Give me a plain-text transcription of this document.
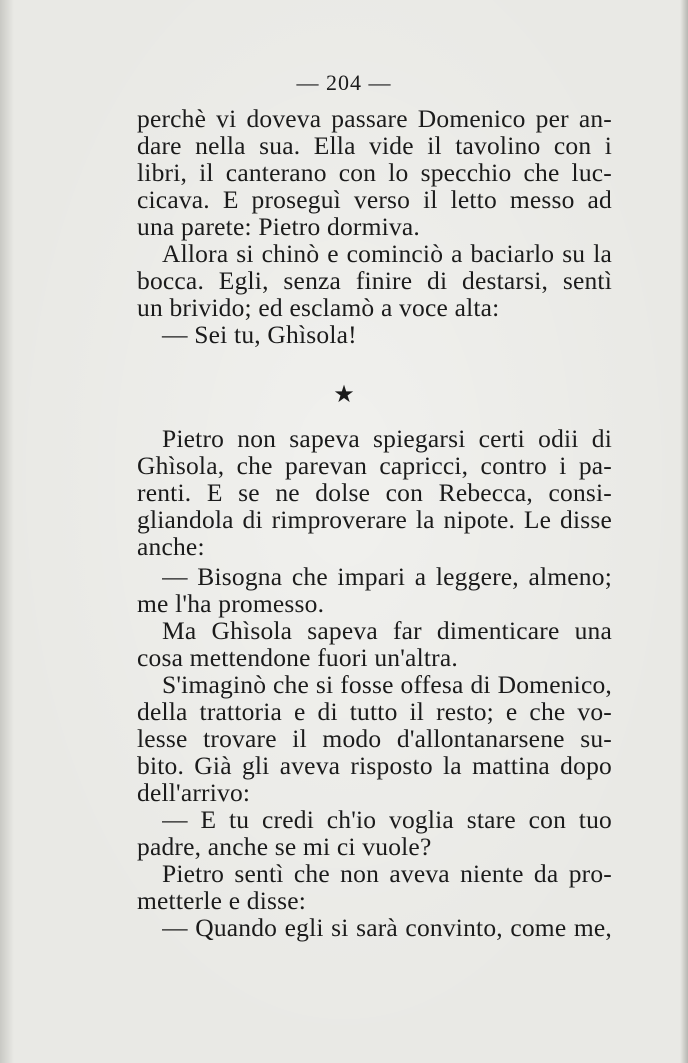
— 204 —
perchè vi doveva passare Domenico per an-
dare nella sua. Ella vide il tavolino con i
libri, il canterano con lo specchio che luc-
cicava. E proseguì verso il letto messo ad
una parete: Pietro dormiva.
Allora si chinò e cominciò a baciarlo su la
bocca. Egli, senza finire di destarsi, sentì
un brivido; ed esclamò a voce alta:
— Sei tu, Ghìsola!
★
Pietro non sapeva spiegarsi certi odii di
Ghìsola, che parevan capricci, contro i pa-
renti. E se ne dolse con Rebecca, consi-
gliandola di rimproverare la nipote. Le disse
anche:
— Bisogna che impari a leggere, almeno;
me l'ha promesso.
Ma Ghìsola sapeva far dimenticare una
cosa mettendone fuori un'altra.
S'imaginò che si fosse offesa di Domenico,
della trattoria e di tutto il resto; e che vo-
lesse trovare il modo d'allontanarsene su-
bito. Già gli aveva risposto la mattina dopo
dell'arrivo:
— E tu credi ch'io voglia stare con tuo
padre, anche se mi ci vuole?
Pietro sentì che non aveva niente da pro-
metterle e disse:
— Quando egli si sarà convinto, come me,
